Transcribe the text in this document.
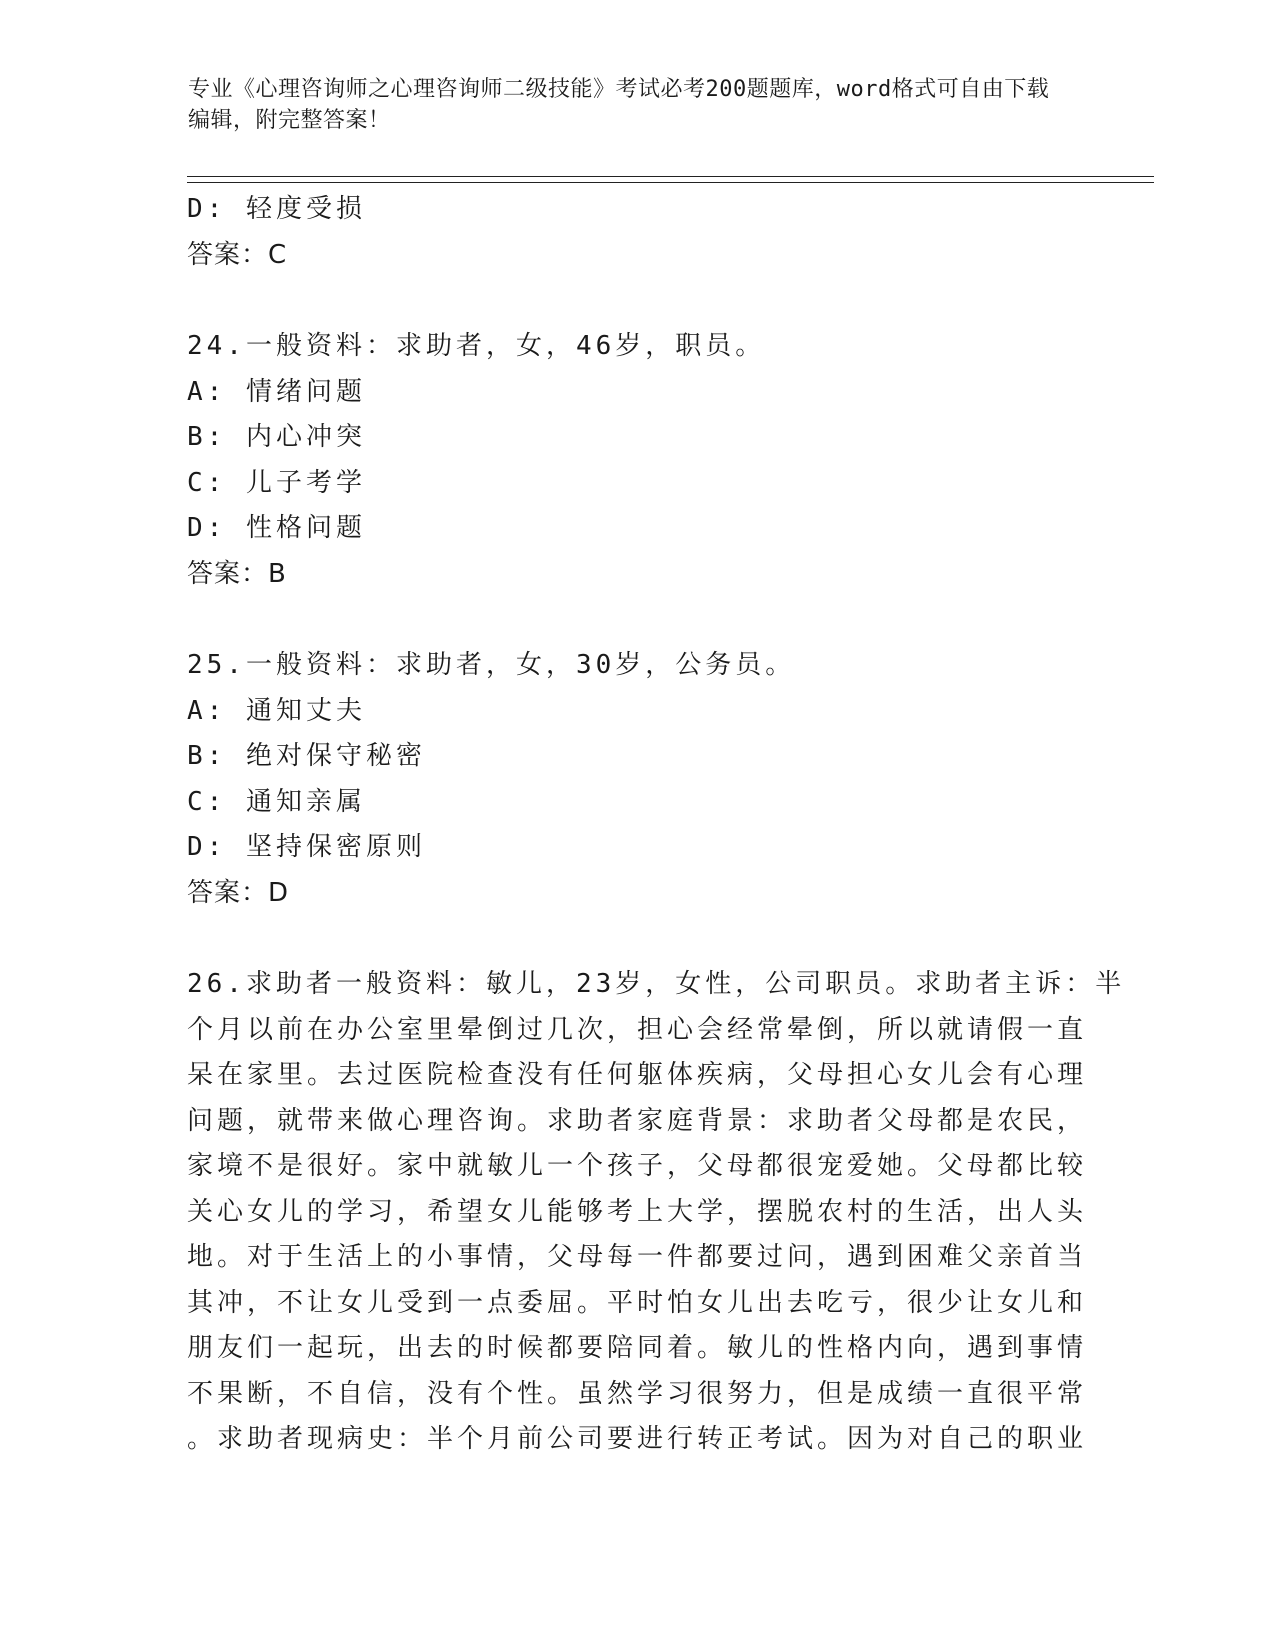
专业《心理咨询师之心理咨询师二级技能》考试必考200题题库，word格式可自由下载编辑，附完整答案！
D: 轻度受损
答案：C
24.一般资料：求助者，女，46岁，职员。
A: 情绪问题
B: 内心冲突
C: 儿子考学
D: 性格问题
答案：B
25.一般资料：求助者，女，30岁，公务员。
A: 通知丈夫
B: 绝对保守秘密
C: 通知亲属
D: 坚持保密原则
答案：D
26.求助者一般资料：敏儿，23岁，女性，公司职员。求助者主诉：半
个月以前在办公室里晕倒过几次，担心会经常晕倒，所以就请假一直
呆在家里。去过医院检查没有任何躯体疾病，父母担心女儿会有心理
问题，就带来做心理咨询。求助者家庭背景：求助者父母都是农民，
家境不是很好。家中就敏儿一个孩子，父母都很宠爱她。父母都比较
关心女儿的学习，希望女儿能够考上大学，摆脱农村的生活，出人头
地。对于生活上的小事情，父母每一件都要过问，遇到困难父亲首当
其冲，不让女儿受到一点委屈。平时怕女儿出去吃亏，很少让女儿和
朋友们一起玩，出去的时候都要陪同着。敏儿的性格内向，遇到事情
不果断，不自信，没有个性。虽然学习很努力，但是成绩一直很平常
。求助者现病史：半个月前公司要进行转正考试。因为对自己的职业
